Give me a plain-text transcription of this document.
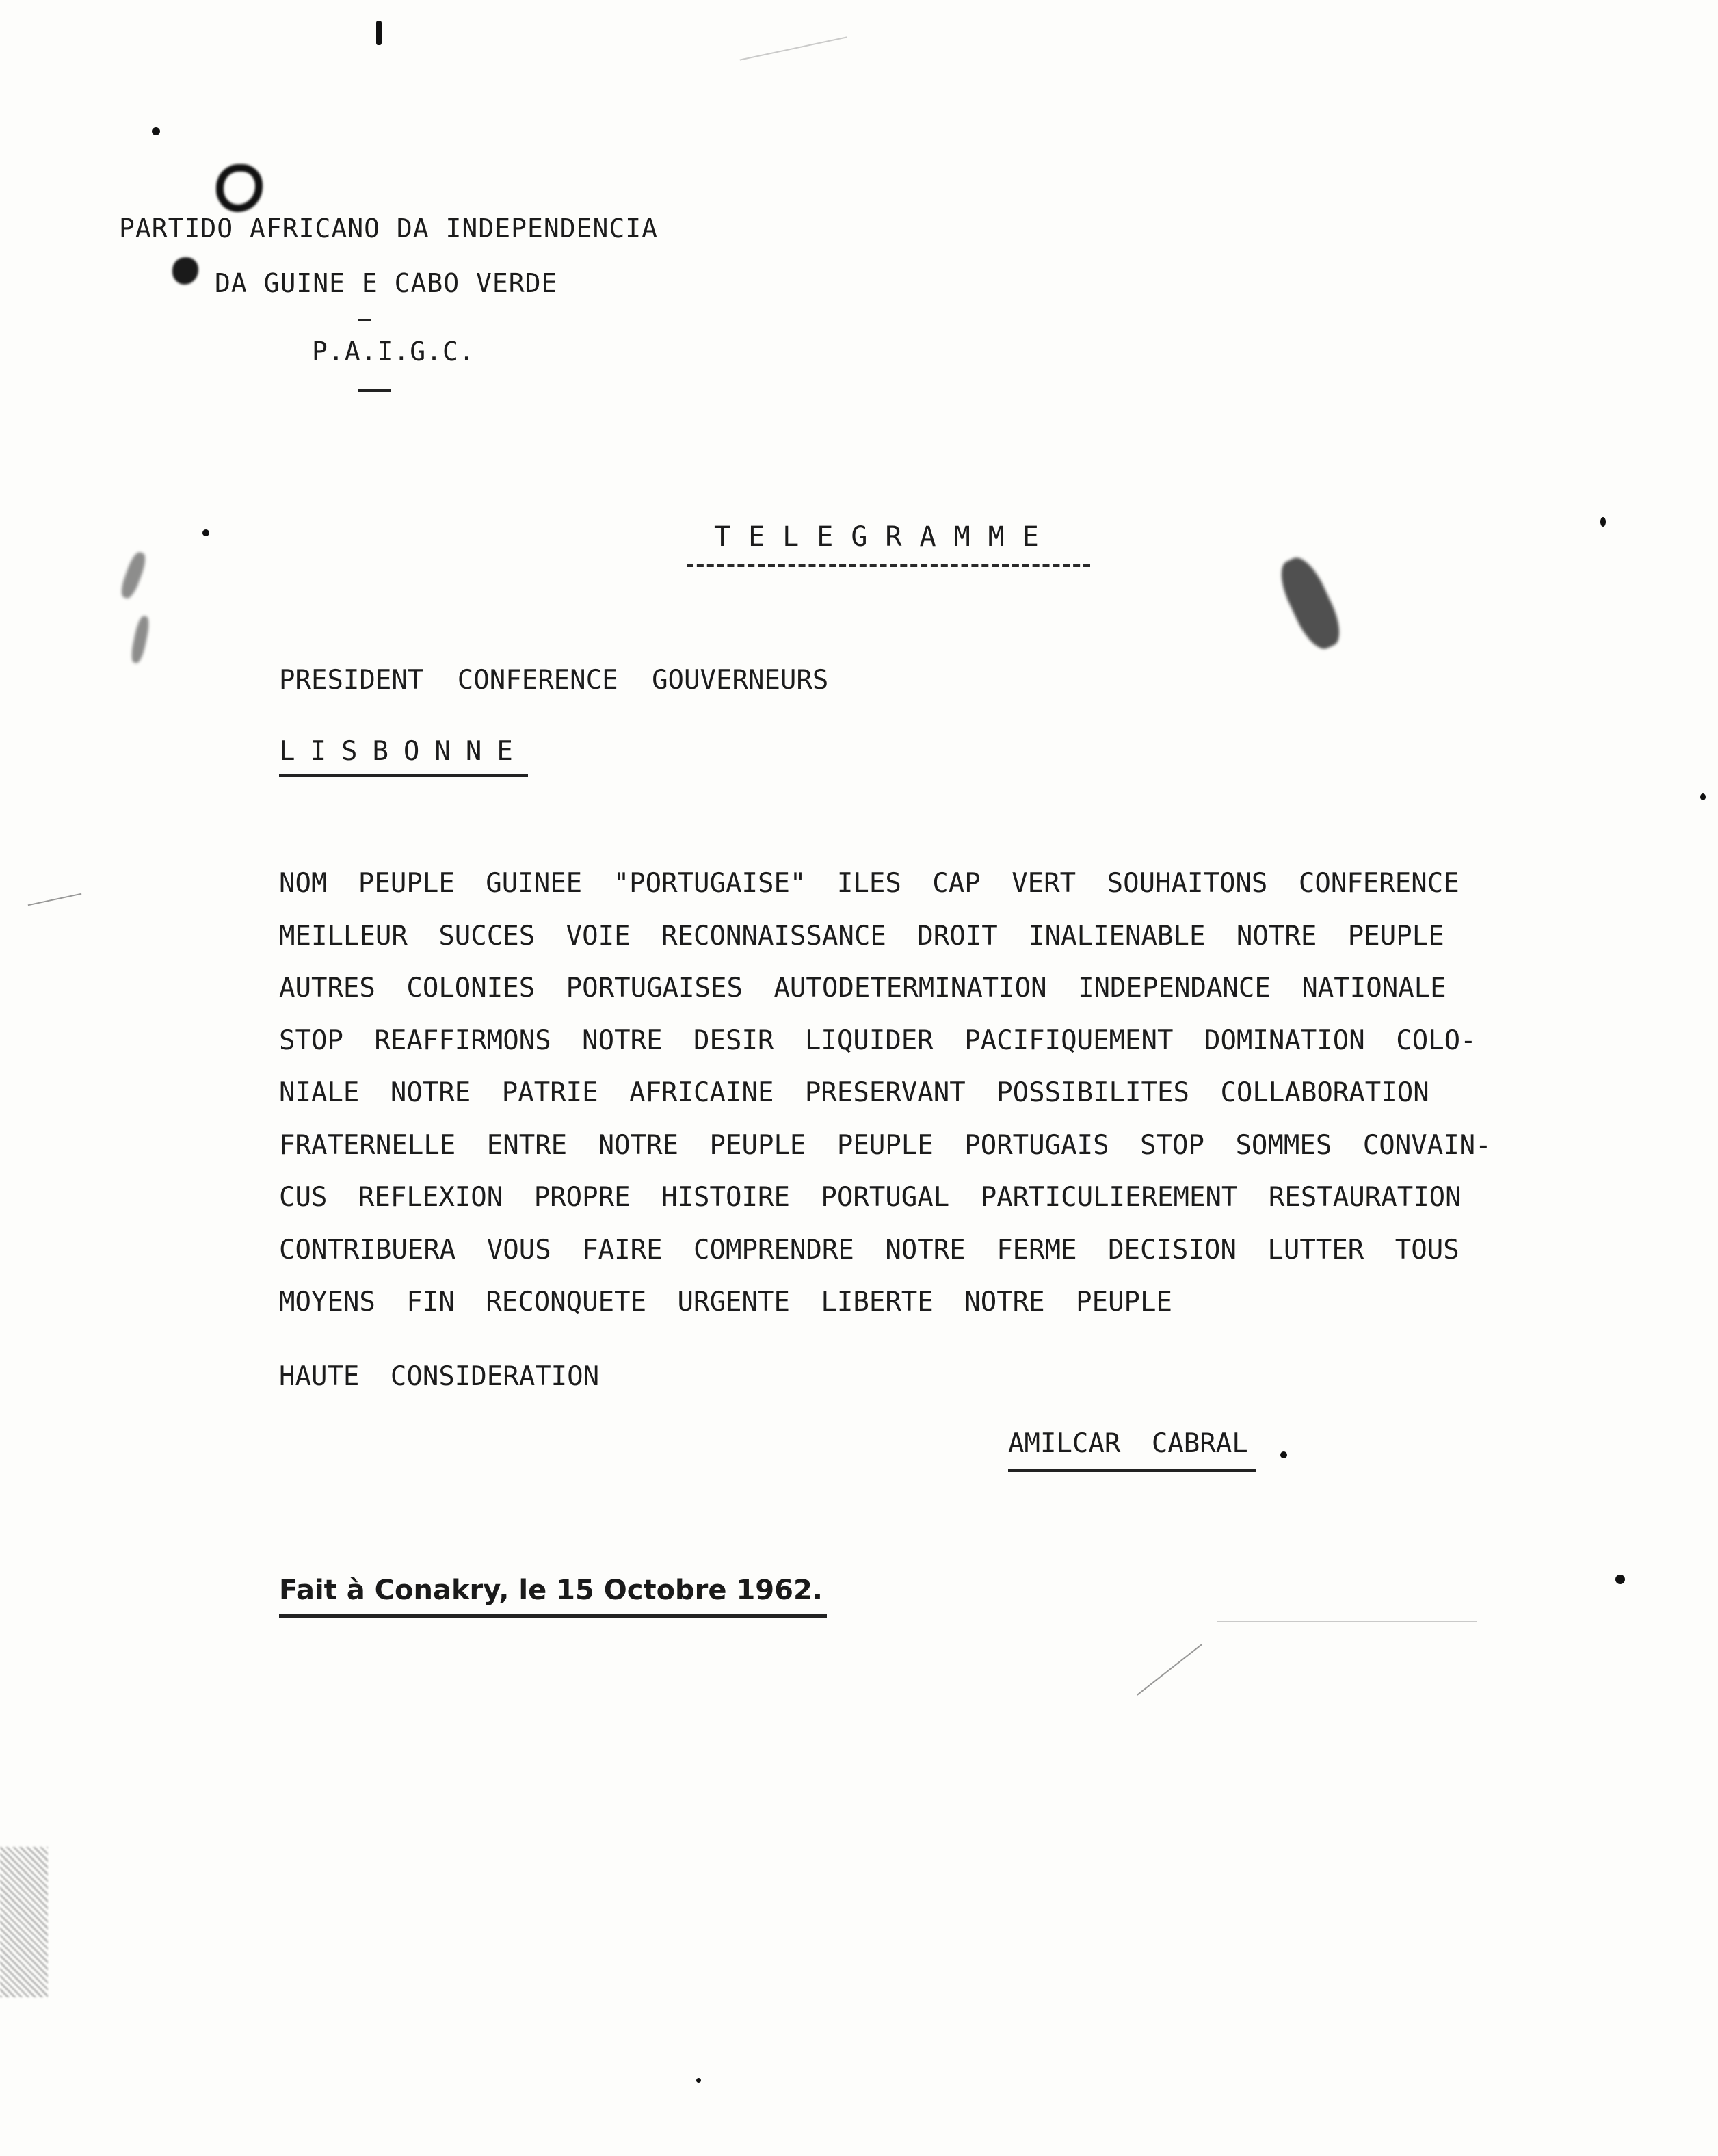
PARTIDO AFRICANO DA INDEPENDENCIA
DA GUINE E CABO VERDE
P.A.I.G.C.
TELEGRAMME
PRESIDENT CONFERENCE GOUVERNEURS
LISBONNE
NOM PEUPLE GUINEE "PORTUGAISE" ILES CAP VERT SOUHAITONS CONFERENCE
MEILLEUR SUCCES VOIE RECONNAISSANCE DROIT INALIENABLE NOTRE PEUPLE
AUTRES COLONIES PORTUGAISES AUTODETERMINATION INDEPENDANCE NATIONALE
STOP REAFFIRMONS NOTRE DESIR LIQUIDER PACIFIQUEMENT DOMINATION COLO-
NIALE NOTRE PATRIE AFRICAINE PRESERVANT POSSIBILITES COLLABORATION
FRATERNELLE ENTRE NOTRE PEUPLE PEUPLE PORTUGAIS STOP SOMMES CONVAIN-
CUS REFLEXION PROPRE HISTOIRE PORTUGAL PARTICULIEREMENT RESTAURATION
CONTRIBUERA VOUS FAIRE COMPRENDRE NOTRE FERME DECISION LUTTER TOUS
MOYENS FIN RECONQUETE URGENTE LIBERTE NOTRE PEUPLE
HAUTE CONSIDERATION
AMILCAR CABRAL
Fait à Conakry, le 15 Octobre 1962.
